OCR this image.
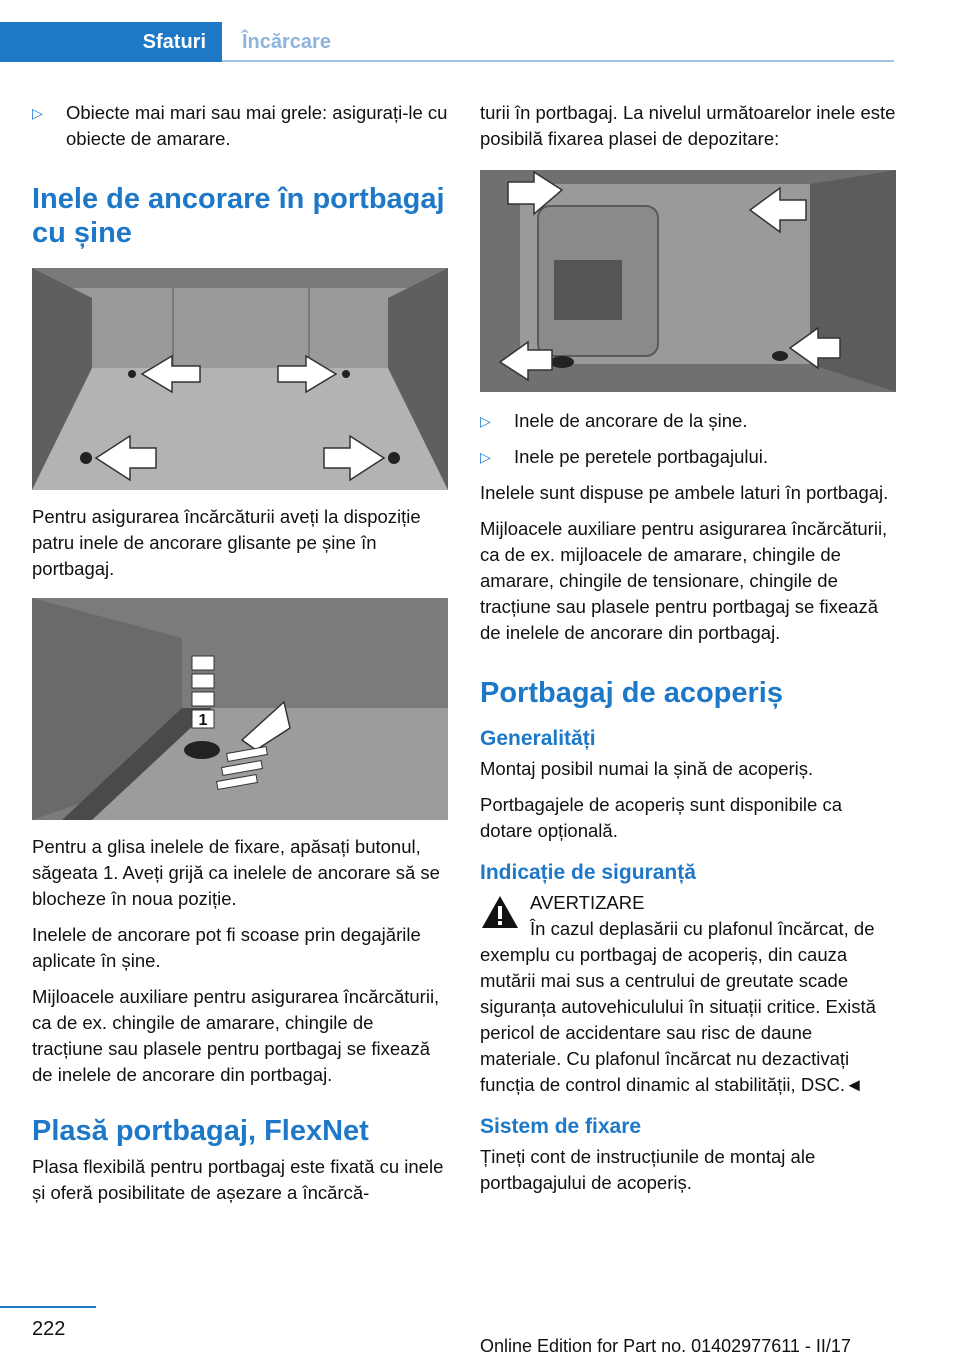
Sfaturi	Încărcare
▷ Obiecte mai mari sau mai grele: asigurați-le cu obiecte de amarare.
Inele de ancorare în portbagaj cu șine

Pentru asigurarea încărcăturii aveți la dispoziție patru inele de ancorare glisante pe șine în portbagaj.

1

Pentru a glisa inelele de fixare, apăsați butonul, săgeata 1. Aveți grijă ca inelele de ancorare să se blocheze în noua poziție.

Inelele de ancorare pot fi scoase prin degajările aplicate în șine.

Mijloacele auxiliare pentru asigurarea încărcăturii, ca de ex. chingile de amarare, chingile de tracțiune sau plasele pentru portbagaj se fixează de inelele de ancorare din portbagaj.

Plasă portbagaj, FlexNet

Plasa flexibilă pentru portbagaj este fixată cu inele și oferă posibilitate de așezare a încărcă-

turii în portbagaj. La nivelul următoarelor inele este posibilă fixarea plasei de depozitare:

▷ Inele de ancorare de la șine.
▷ Inele pe peretele portbagajului.

Inelele sunt dispuse pe ambele laturi în portbagaj.

Mijloacele auxiliare pentru asigurarea încărcăturii, ca de ex. mijloacele de amarare, chingile de amarare, chingile de tensionare, chingile de tracțiune sau plasele pentru portbagaj se fixează de inelele de ancorare din portbagaj.

Portbagaj de acoperiș
Generalități

Montaj posibil numai la șină de acoperiș.

Portbagajele de acoperiș sunt disponibile ca dotare opțională.

Indicație de siguranță
AVERTIZARE

În cazul deplasării cu plafonul încărcat, de exemplu cu portbagaj de acoperiș, din cauza mutării mai sus a centrului de greutate scade siguranța autovehiculului în situații critice. Există pericol de accidentare sau risc de daune materiale. Cu plafonul încărcat nu dezactivați funcția de control dinamic al stabilității, DSC.◄

Sistem de fixare

Țineți cont de instrucțiunile de montaj ale portbagajului de acoperiș.

222
Online Edition for Part no. 01402977611 - II/17
